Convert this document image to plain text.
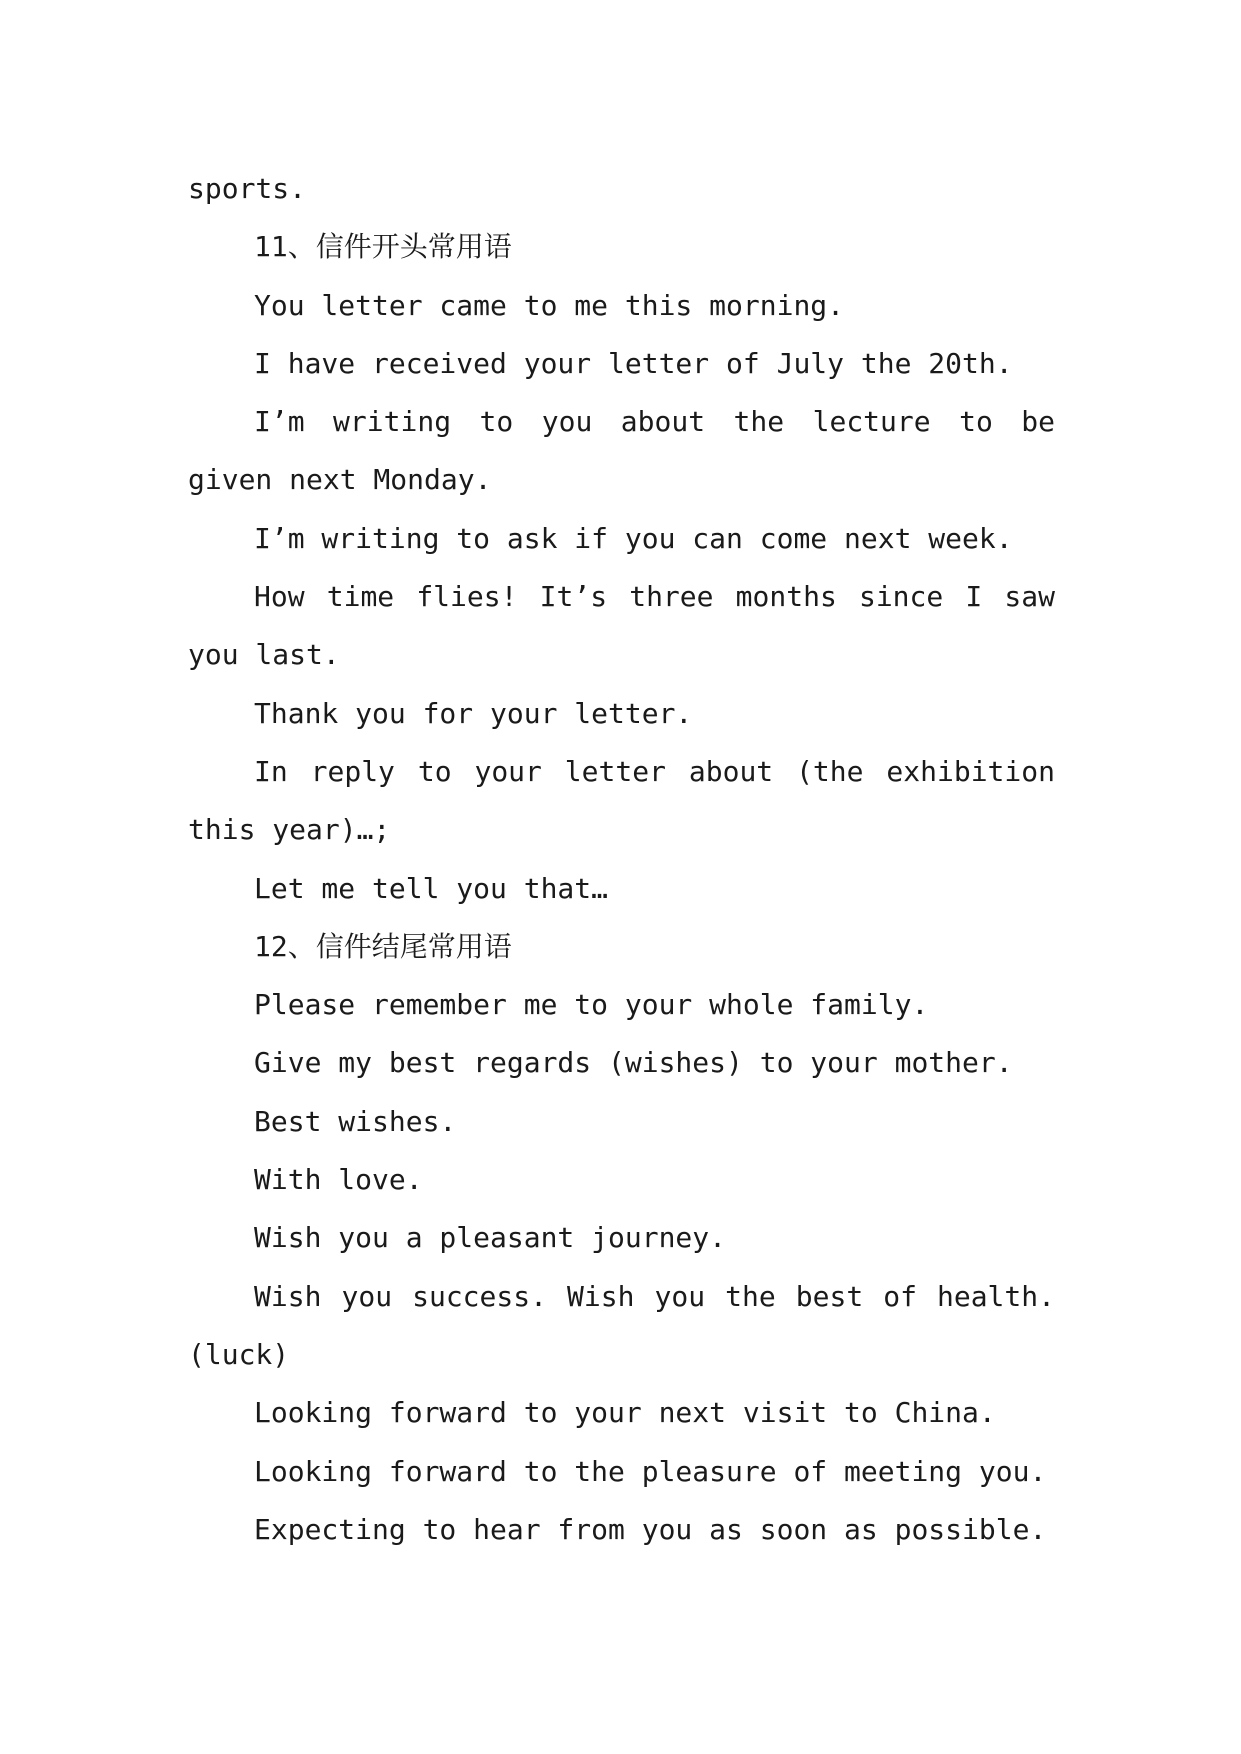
sports.

11、信件开头常用语

You letter came to me this morning.

I have received your letter of July the 20th.

I’m writing to you about the lecture to be given next Monday.

I’m writing to ask if you can come next week.

How time flies! It’s three months since I saw you last.

Thank you for your letter.

In reply to your letter about (the exhibition this year)…;

Let me tell you that…

12、信件结尾常用语

Please remember me to your whole family.

Give my best regards (wishes) to your mother.

Best wishes.

With love.

Wish you a pleasant journey.

Wish you success. Wish you the best of health.(luck)

Looking forward to your next visit to China.

Looking forward to the pleasure of meeting you.

Expecting to hear from you as soon as possible.
